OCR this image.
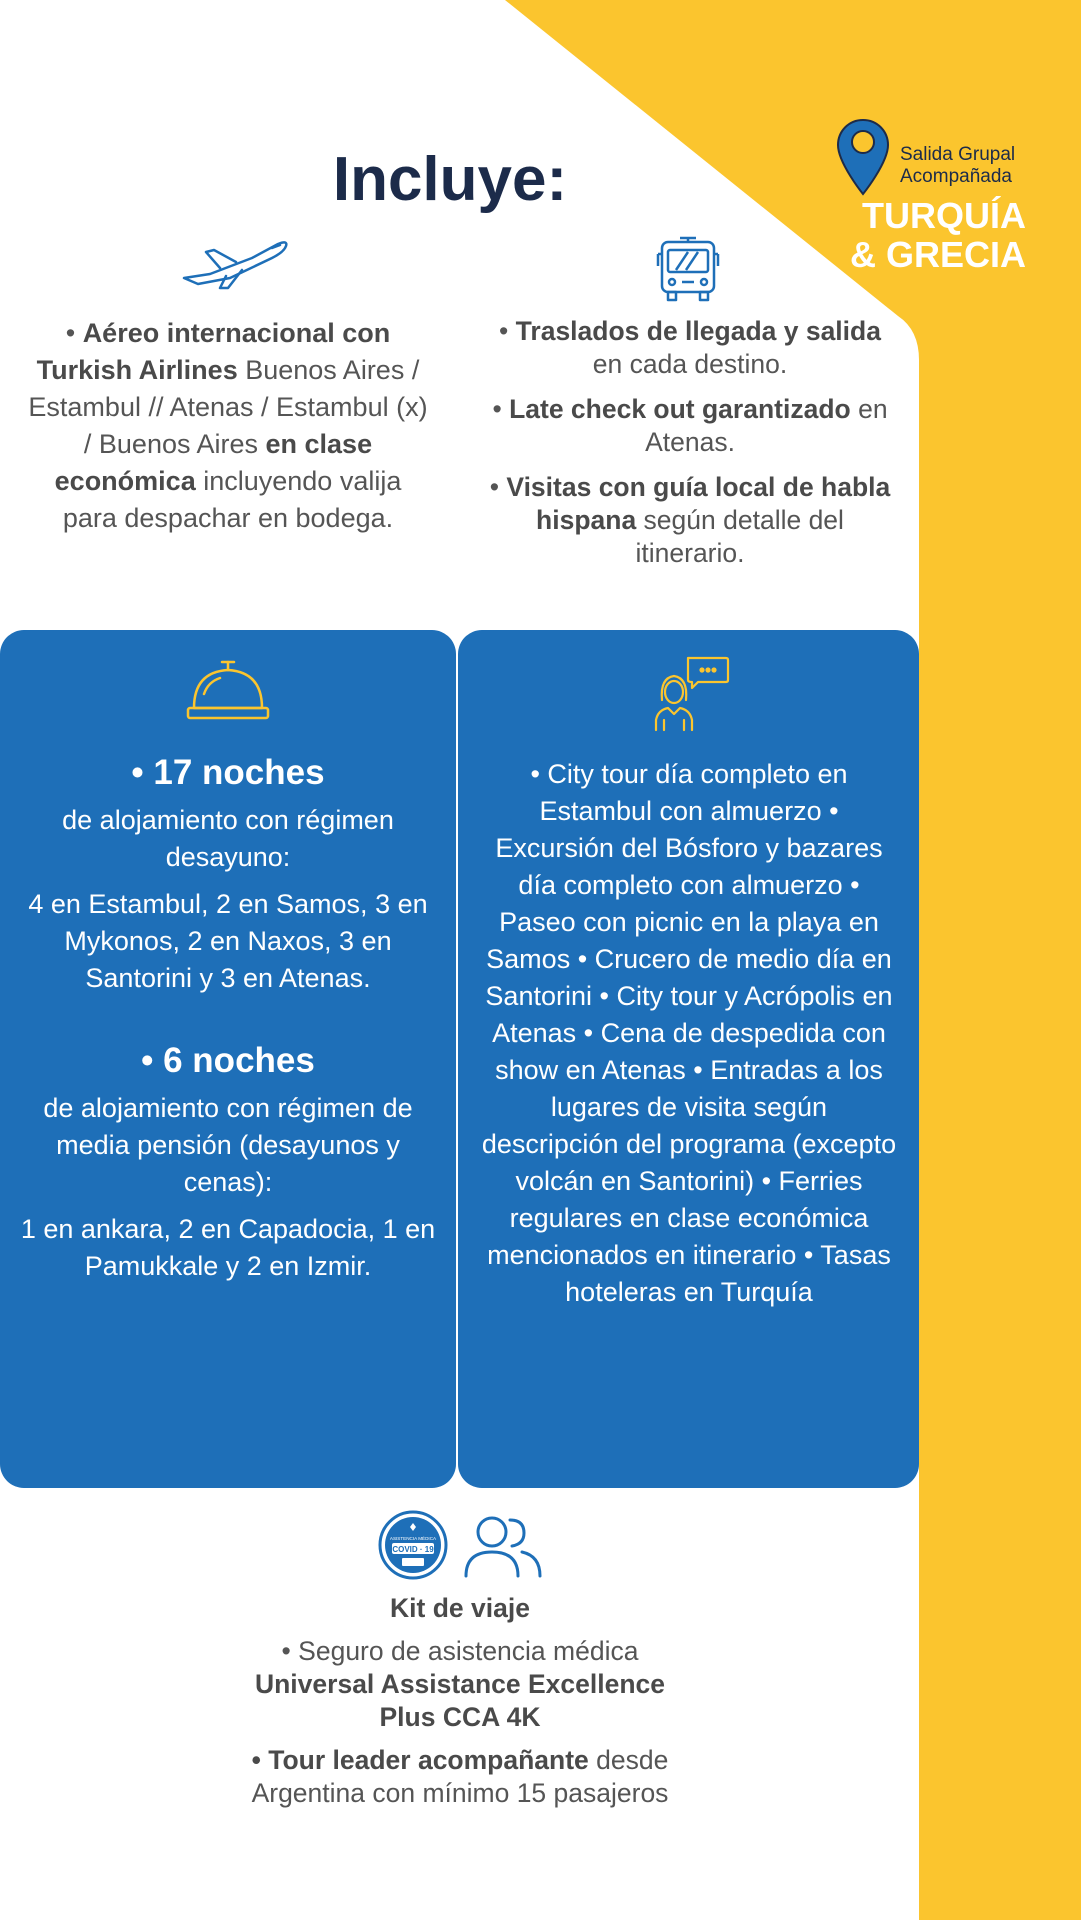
Salida Grupal
Acompañada
TURQUÍA
& GRECIA
Incluye:
• Aéreo internacional con Turkish Airlines Buenos Aires / Estambul // Atenas / Estambul (x) / Buenos Aires en clase económica incluyendo valija para despachar en bodega.

• Traslados de llegada y salida en cada destino.

• Late check out garantizado en Atenas.

• Visitas con guía local de habla hispana según detalle del itinerario.

• 17 noches
de alojamiento con régimen desayuno:
4 en Estambul, 2 en Samos, 3 en Mykonos, 2 en Naxos, 3 en Santorini y 3 en Atenas.
• 6 noches
de alojamiento con régimen de media pensión (desayunos y cenas):
1 en ankara, 2 en Capadocia, 1 en Pamukkale y 2 en Izmir.
• City tour día completo en Estambul con almuerzo • Excursión del Bósforo y bazares día completo con almuerzo • Paseo con picnic en la playa en Samos • Crucero de medio día en Santorini • City tour y Acrópolis en Atenas • Cena de despedida con show en Atenas • Entradas a los lugares de visita según descripción del programa (excepto volcán en Santorini) • Ferries regulares en clase económica mencionados en itinerario • Tasas hoteleras en Turquía
ASISTENCIA MÉDICA
COVID · 19
Kit de viaje

• Seguro de asistencia médica Universal Assistance Excellence Plus CCA 4K

• Tour leader acompañante desde Argentina con mínimo 15 pasajeros
